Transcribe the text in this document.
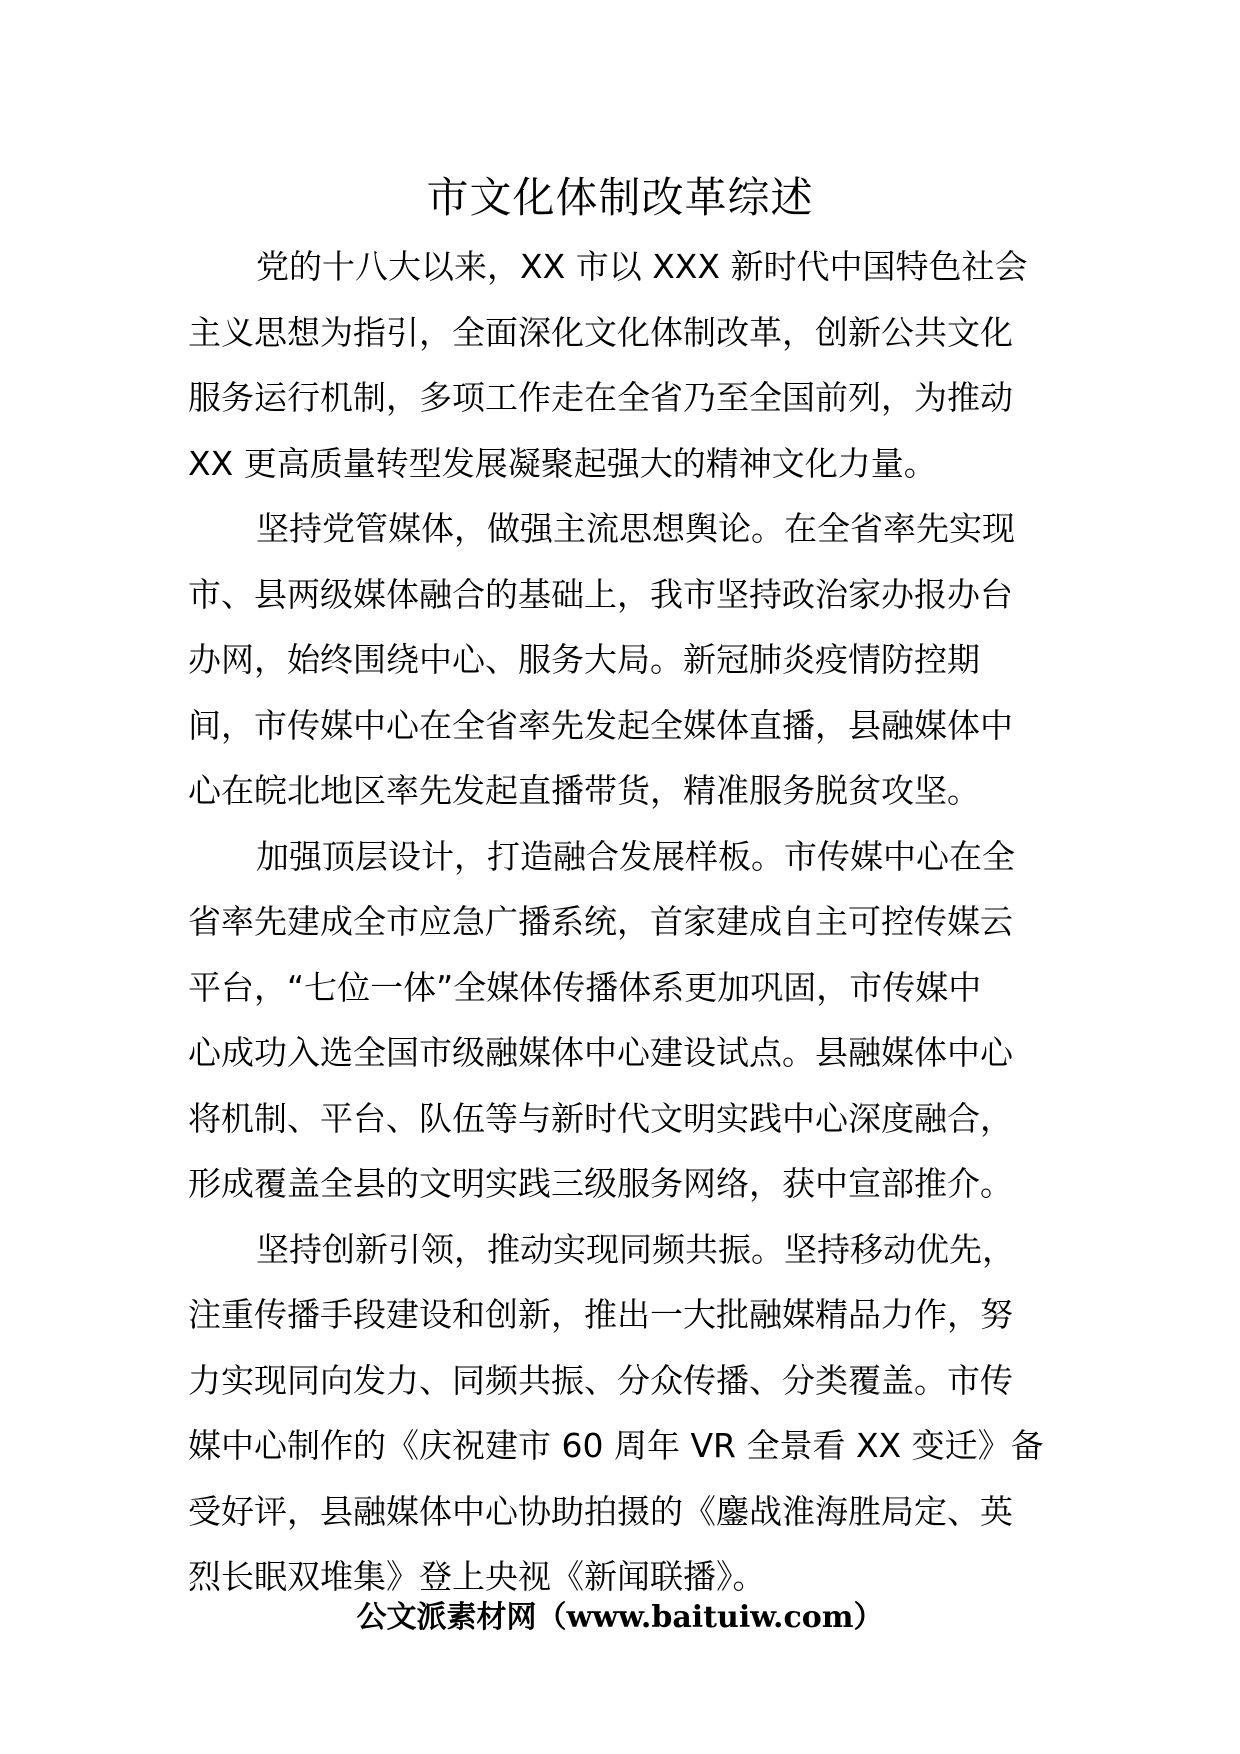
市文化体制改革综述
党的十八大以来，XX 市以 XXX 新时代中国特色社会
主义思想为指引，全面深化文化体制改革，创新公共文化
服务运行机制，多项工作走在全省乃至全国前列，为推动
XX 更高质量转型发展凝聚起强大的精神文化力量。
坚持党管媒体，做强主流思想舆论。在全省率先实现
市、县两级媒体融合的基础上，我市坚持政治家办报办台
办网，始终围绕中心、服务大局。新冠肺炎疫情防控期
间，市传媒中心在全省率先发起全媒体直播，县融媒体中
心在皖北地区率先发起直播带货，精准服务脱贫攻坚。
加强顶层设计，打造融合发展样板。市传媒中心在全
省率先建成全市应急广播系统，首家建成自主可控传媒云
平台，“七位一体”全媒体传播体系更加巩固，市传媒中
心成功入选全国市级融媒体中心建设试点。县融媒体中心
将机制、平台、队伍等与新时代文明实践中心深度融合，
形成覆盖全县的文明实践三级服务网络，获中宣部推介。
坚持创新引领，推动实现同频共振。坚持移动优先，
注重传播手段建设和创新，推出一大批融媒精品力作，努
力实现同向发力、同频共振、分众传播、分类覆盖。市传
媒中心制作的《庆祝建市 60 周年 VR 全景看 XX 变迁》备
受好评，县融媒体中心协助拍摄的《鏖战淮海胜局定、英
烈长眠双堆集》登上央视《新闻联播》。
公文派素材网（www.baituiw.com）
